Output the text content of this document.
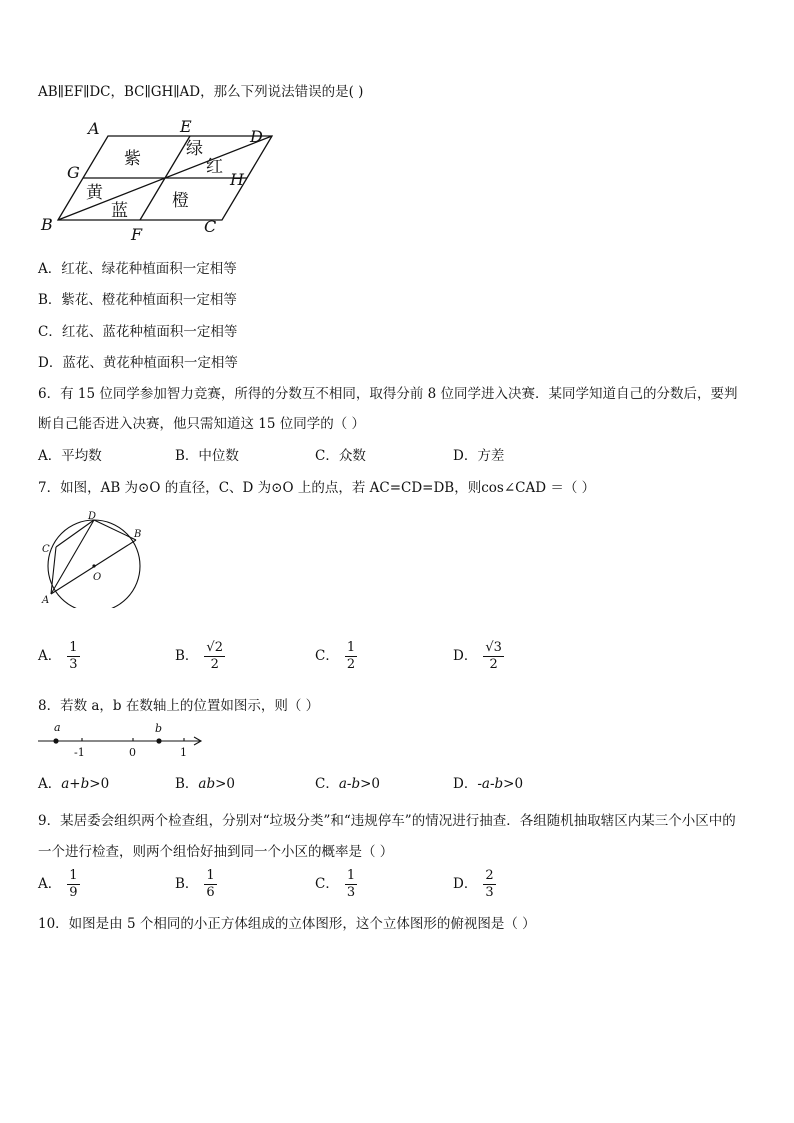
AB∥EF∥DC，BC∥GH∥AD，那么下列说法错误的是( )
A	E
D
G	H
B
F	C
紫	绿
红
黄
蓝	橙
A．红花、绿花种植面积一定相等
B．紫花、橙花种植面积一定相等
C．红花、蓝花种植面积一定相等
D．蓝花、黄花种植面积一定相等
6．有 15 位同学参加智力竞赛，所得的分数互不相同，取得分前 8 位同学进入决赛．某同学知道自己的分数后，要判
断自己能否进入决赛，他只需知道这 15 位同学的（ ）
A．平均数	B．中位数	C．众数	D．方差
7．如图，AB 为⊙O 的直径，C、D 为⊙O 上的点，若 AC=CD=DB，则cos∠CAD ＝（ ）
A
B
C
D
O
A． $\frac{1}{3}$	B． $\frac{√2}{2}$	C． $\frac{1}{2}$	D． $\frac{√3}{2}$
8．若数 a，b 在数轴上的位置如图示，则（ ）
a	b
-1	0	1
A．a+b>0	B．ab>0	C．a-b>0	D．-a-b>0
9．某居委会组织两个检查组，分别对“垃圾分类”和“违规停车”的情况进行抽查．各组随机抽取辖区内某三个小区中的
一个进行检查，则两个组恰好抽到同一个小区的概率是（ ）
A． $\frac{1}{9}$	B． $\frac{1}{6}$	C． $\frac{1}{3}$	D． $\frac{2}{3}$
10．如图是由 5 个相同的小正方体组成的立体图形，这个立体图形的俯视图是（ ）
